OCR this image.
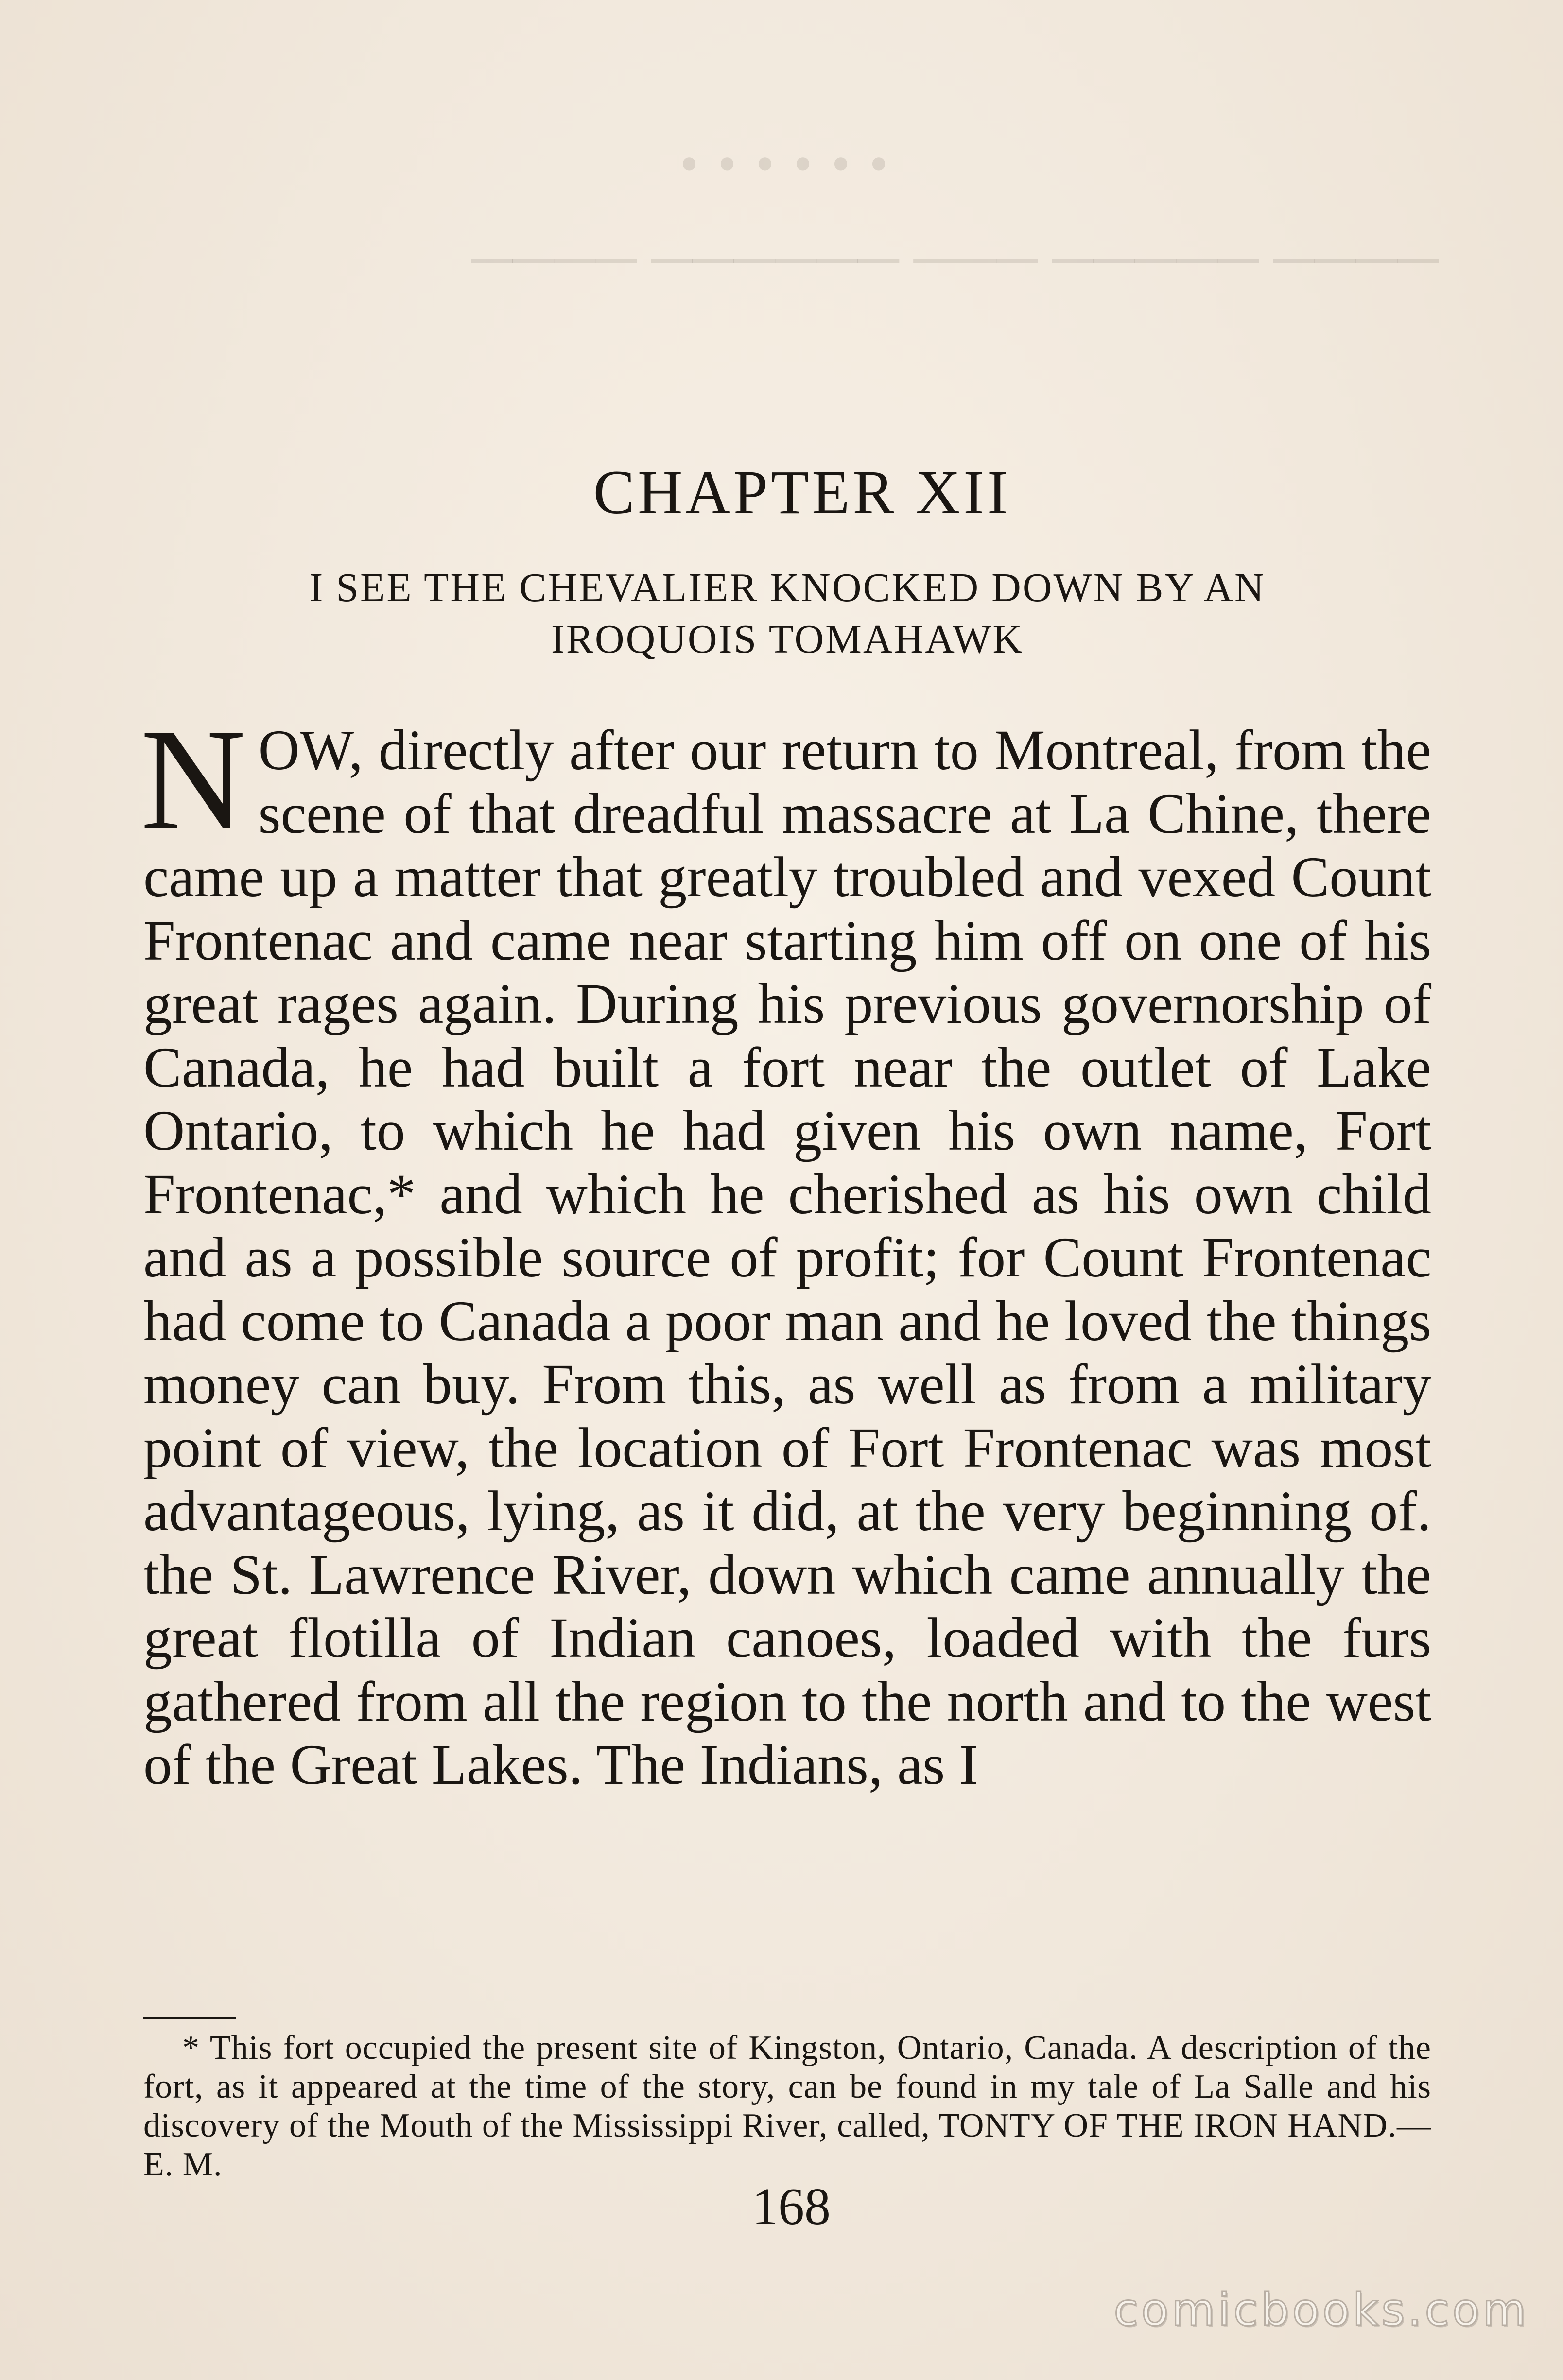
• • • • • •
──── ───── ─── ────── ────
CHAPTER XII
I SEE THE CHEVALIER KNOCKED DOWN BY AN
IROQUOIS TOMAHAWK
NOW, directly after our return to Montreal, from the scene of that dreadful massacre at La Chine, there came up a matter that greatly troubled and vexed Count Frontenac and came near starting him off on one of his great rages again. During his previous governorship of Canada, he had built a fort near the outlet of Lake Ontario, to which he had given his own name, Fort Frontenac,* and which he cherished as his own child and as a possible source of profit; for Count Frontenac had come to Canada a poor man and he loved the things money can buy. From this, as well as from a military point of view, the location of Fort Frontenac was most advantageous, lying, as it did, at the very beginning of. the St. Lawrence River, down which came annually the great flotilla of Indian canoes, loaded with the furs gathered from all the region to the north and to the west of the Great Lakes. The Indians, as I
* This fort occupied the present site of Kingston, Ontario, Canada. A description of the fort, as it appeared at the time of the story, can be found in my tale of La Salle and his discovery of the Mouth of the Mississippi River, called, TONTY OF THE IRON HAND.—E. M.
168
comicbooks.com
